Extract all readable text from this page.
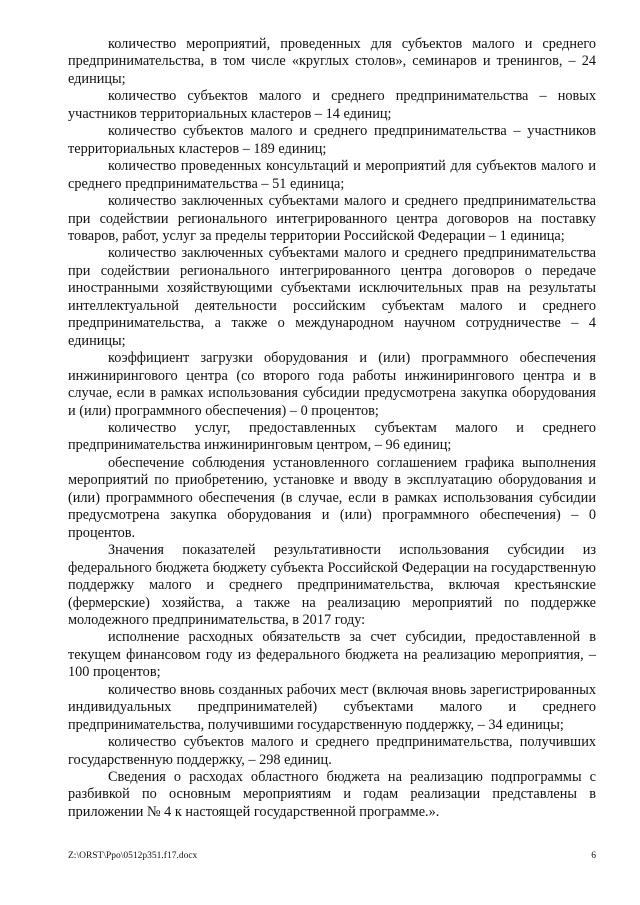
количество мероприятий, проведенных для субъектов малого и среднего предпринимательства, в том числе «круглых столов», семинаров и тренингов, – 24 единицы;

количество субъектов малого и среднего предпринимательства – новых участников территориальных кластеров – 14 единиц;

количество субъектов малого и среднего предпринимательства – участников территориальных кластеров – 189 единиц;

количество проведенных консультаций и мероприятий для субъектов малого и среднего предпринимательства – 51 единица;

количество заключенных субъектами малого и среднего предпринимательства при содействии регионального интегрированного центра договоров на поставку товаров, работ, услуг за пределы территории Российской Федерации – 1 единица;

количество заключенных субъектами малого и среднего предпринимательства при содействии регионального интегрированного центра договоров о передаче иностранными хозяйствующими субъектами исключительных прав на результаты интеллектуальной деятельности российским субъектам малого и среднего предпринимательства, а также о международном научном сотрудничестве – 4 единицы;

коэффициент загрузки оборудования и (или) программного обеспечения инжинирингового центра (со второго года работы инжинирингового центра и в случае, если в рамках использования субсидии предусмотрена закупка оборудования и (или) программного обеспечения) – 0 процентов;

количество услуг, предоставленных субъектам малого и среднего предпринимательства инжиниринговым центром, – 96 единиц;

обеспечение соблюдения установленного соглашением графика выполнения мероприятий по приобретению, установке и вводу в эксплуатацию оборудования и (или) программного обеспечения (в случае, если в рамках использования субсидии предусмотрена закупка оборудования и (или) программного обеспечения) – 0 процентов.

Значения показателей результативности использования субсидии из федерального бюджета бюджету субъекта Российской Федерации на государственную поддержку малого и среднего предпринимательства, включая крестьянские (фермерские) хозяйства, а также на реализацию мероприятий по поддержке молодежного предпринимательства, в 2017 году:

исполнение расходных обязательств за счет субсидии, предоставленной в текущем финансовом году из федерального бюджета на реализацию мероприятия, – 100 процентов;

количество вновь созданных рабочих мест (включая вновь зарегистрированных индивидуальных предпринимателей) субъектами малого и среднего предпринимательства, получившими государственную поддержку, – 34 единицы;

количество субъектов малого и среднего предпринимательства, получивших государственную поддержку, – 298 единиц.

Сведения о расходах областного бюджета на реализацию подпрограммы с разбивкой по основным мероприятиям и годам реализации представлены в приложении № 4 к настоящей государственной программе.».

Z:\ORST\Ppo\0512p351.f17.docx	6
